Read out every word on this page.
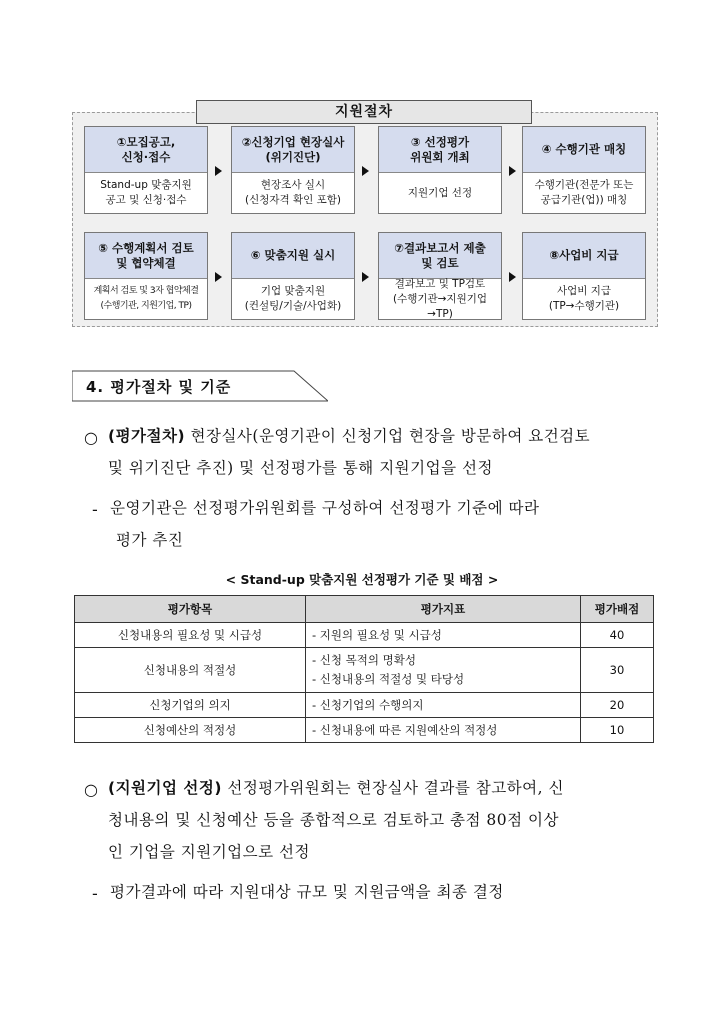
지원절차
①모집공고,
신청·접수
Stand-up 맞춤지원
공고 및 신청·접수
②신청기업 현장실사
(위기진단)
현장조사 실시
(신청자격 확인 포함)
③ 선정평가
위원회 개최
지원기업 선정
④ 수행기관 매칭
수행기관(전문가 또는
공급기관(업)) 매칭
⑤ 수행계획서 검토
및 협약체결
계획서 검토 및 3자 협약체결
(수행기관, 지원기업, TP)
⑥ 맞춤지원 실시
기업 맞춤지원
(컨설팅/기술/사업화)
⑦결과보고서 제출
및 검토
결과보고 및 TP검토
(수행기관→지원기업→TP)
⑧사업비 지급
사업비 지급
(TP→수행기관)
4. 평가절차 및 기준
○ (평가절차) 현장실사(운영기관이 신청기업 현장을 방문하여 요건검토
및 위기진단 추진) 및 선정평가를 통해 지원기업을 선정
- 운영기관은 선정평가위원회를 구성하여 선정평가 기준에 따라
평가 추진
< Stand-up 맞춤지원 선정평가 기준 및 배점 >
평가항목	평가지표	평가배점
신청내용의 필요성 및 시급성	- 지원의 필요성 및 시급성	40
신청내용의 적절성	- 신청 목적의 명확성
- 신청내용의 적절성 및 타당성	30
신청기업의 의지	- 신청기업의 수행의지	20
신청예산의 적정성	- 신청내용에 따른 지원예산의 적정성	10
○ (지원기업 선정) 선정평가위원회는 현장실사 결과를 참고하여, 신
청내용의 및 신청예산 등을 종합적으로 검토하고 총점 80점 이상
인 기업을 지원기업으로 선정
- 평가결과에 따라 지원대상 규모 및 지원금액을 최종 결정
